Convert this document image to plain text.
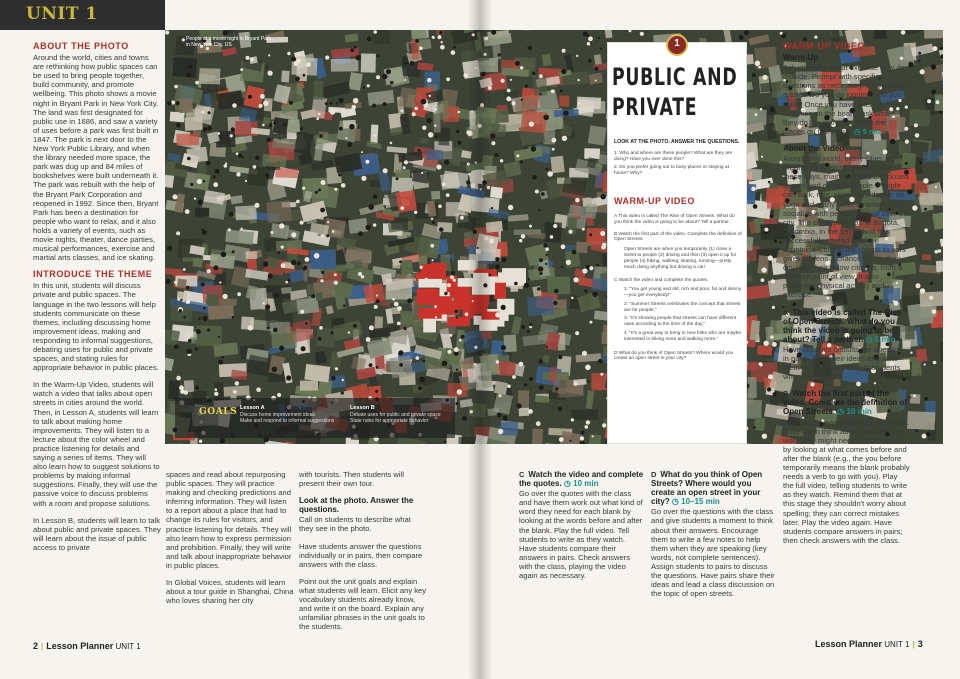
UNIT 1
People at a movie night in Bryant Park in New York City, US
GOALS Lesson A
Discuss home improvement ideas
Make and respond to informal suggestions
Lesson B
Debate uses for public and private space
State rules for appropriate behavior
ABOUT THE PHOTO
Around the world, cities and towns are rethinking how public spaces can be used to bring people together, build community, and promote wellbeing. This photo shows a movie night in Bryant Park in New York City. The land was first designated for public use in 1686, and saw a variety of uses before a park was first built in 1847. The park is next door to the New York Public Library, and when the library needed more space, the park was dug up and 84 miles of bookshelves were built underneath it. The park was rebuilt with the help of the Bryant Park Corporation and reopened in 1992. Since then, Bryant Park has been a destination for people who want to relax, and it also holds a variety of events, such as movie nights, theater, dance parties, musical performances, exercise and martial arts classes, and ice skating.
INTRODUCE THE THEME
In this unit, students will discuss private and public spaces. The language in the two lessons will help students communicate on these themes, including discussing home improvement ideas, making and responding to informal suggestions, debating uses for public and private spaces, and stating rules for appropriate behavior in public places.
In the Warm-Up Video, students will watch a video that talks about open streets in cities around the world. Then, in Lesson A, students will learn to talk about making home improvements. They will listen to a lecture about the color wheel and practice listening for details and saying a series of items. They will also learn how to suggest solutions to problems by making informal suggestions. Finally, they will use the passive voice to discuss problems with a room and propose solutions.
In Lesson B, students will learn to talk about public and private spaces. They will learn about the issue of public access to private
spaces and read about repurposing public spaces. They will practice making and checking predictions and inferring information. They will listen to a report about a place that had to change its rules for visitors, and practice listening for details. They will also learn how to express permission and prohibition. Finally, they will write and talk about inappropriate behavior in public places.
In Global Voices, students will learn about a tour guide in Shanghai, China who loves sharing her city
with tourists. Then students will present their own tour.
Look at the photo. Answer the questions.
Call on students to describe what they see in the photo.
Have students answer the questions individually or in pairs, then compare answers with the class.
Point out the unit goals and explain what students will learn. Elicit any key vocabulary students already know, and write it on the board. Explain any unfamiliar phrases in the unit goals to the students.
C Watch the video and complete the quotes. ◷ 10 min
Go over the quotes with the class and have them work out what kind of word they need for each blank by looking at the words before and after the blank. Play the full video. Tell students to write as they watch. Have students compare their answers in pairs. Check answers with the class, playing the video again as necessary.
D What do you think of Open Streets? Where would you create an open street in your city? ◷ 10–15 min
Go over the questions with the class and give students a moment to think about their answers. Encourage them to write a few notes to help them when they are speaking (key words, not complete sentences). Assign students to pairs to discuss the questions. Have pairs share their ideas and lead a class discussion on the topic of open streets.
WARM-UP VIDEO
Warm-Up
Ask students about exercise they do outside. Prompt with specific questions as necessary. Do you have a bike? Do you go jogging? Do you walk? Once you have a list of activities on the board, ask where they do the activities. Write the places on the board. ◷ 5 min
About the Video
Around the world, many cities are organizing open street days. On these days, main avenues are closed to cars and open to people. People can walk, ride, skate, run, dance, do yoga and many other activities, and socialize with people from all over the city. The concept began in Bogotá, Colombia, in the 1970s and has successfully spread to other countries. Closing the streets to cars gives citizens a chance to see their city, and their fellow citizens, from a different point of view. It also promotes physical activity and exercise.
A This video is called The Rise of Open Streets. What do you think the video is going to be about? Tell a partner. ◷ 5 min
Have students discuss the question in pairs. Elicit their ideas and write them on the board to help students when they watch.
B Watch the first part of the video. Complete the definition of Open Streets. ◷ 10 min
Go over the paragraph with the class. Have them think about what kind of word they might need in each blank by looking at what comes before and after the blank (e.g., the you before temporarily means the blank probably needs a verb to go with you). Play the full video, telling students to write as they watch. Remind them that at this stage they shouldn't worry about spelling; they can correct mistakes later. Play the video again. Have students compare answers in pairs; then check answers with the class.
1
PUBLIC AND
PRIVATE
LOOK AT THE PHOTO. ANSWER THE QUESTIONS.
1. Who and where are these people? What are they are doing? Have you ever done this?
2. Do you prefer going out to busy places or staying at home? Why?
WARM-UP VIDEO
A This video is called The Rise of Open Streets. What do you think the video is going to be about? Tell a partner.
B Watch the first part of the video. Complete the definition of Open Streets.
Open Streets are when you temporarily (1) close a street to people (2) driving and then (3) open it up for people (4) biking, walking, skating, running—pretty much doing anything but driving a car!
C Watch the video and complete the quotes.
1. "You get young and old, rich and poor, fat and skinny—you get everybody!"
2. "Summer Streets celebrates the concept that streets are for people."
3. "It's showing people that streets can have different uses according to the time of the day."
4. "It's a great way to bring in new folks who are maybe interested in biking more and walking more."
D What do you think of Open Streets? Where would you create an open street in your city?
2 | Lesson Planner UNIT 1	Lesson Planner UNIT 1 | 3
